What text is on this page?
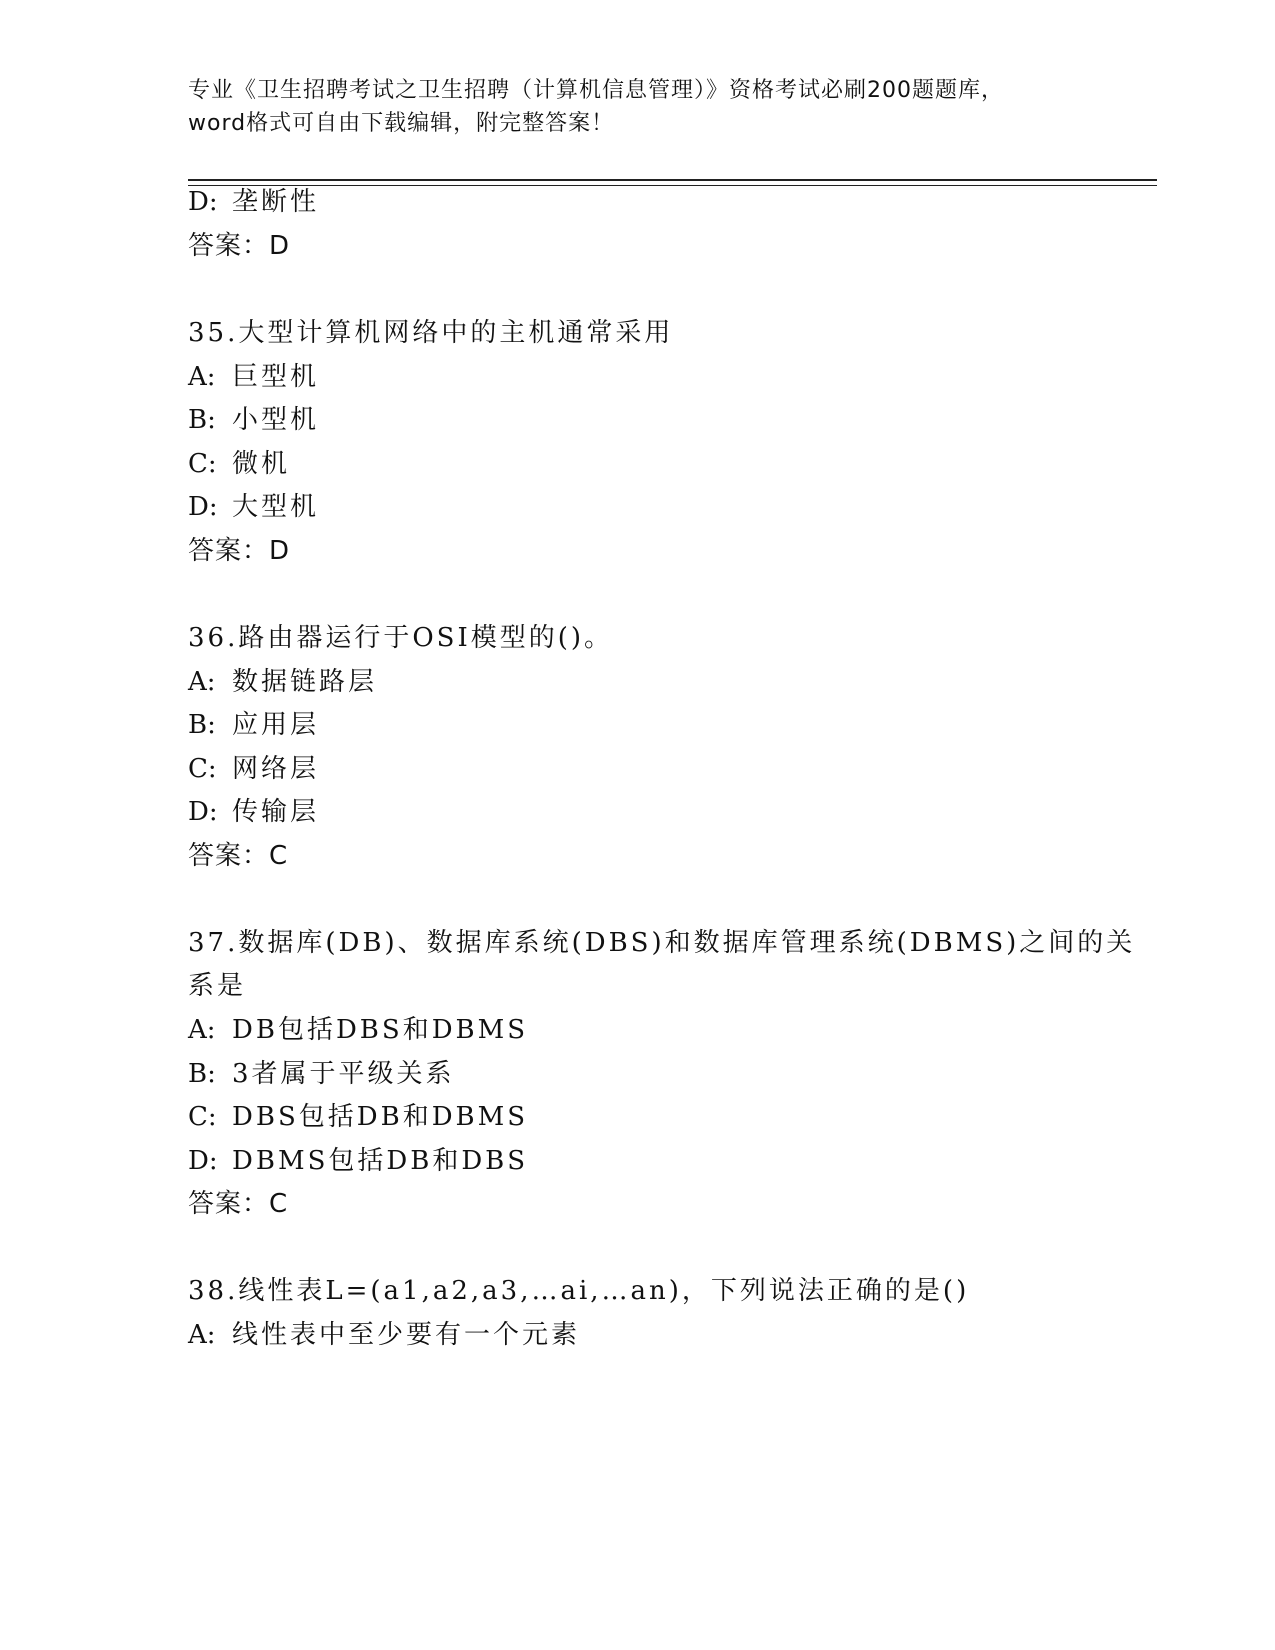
专业《卫生招聘考试之卫生招聘（计算机信息管理）》资格考试必刷200题题库，
word格式可自由下载编辑，附完整答案！
D: 垄断性
答案：D
35.大型计算机网络中的主机通常采用
A: 巨型机
B: 小型机
C: 微机
D: 大型机
答案：D
36.路由器运行于OSI模型的()。
A: 数据链路层
B: 应用层
C: 网络层
D: 传输层
答案：C
37.数据库(DB)、数据库系统(DBS)和数据库管理系统(DBMS)之间的关
系是
A: DB包括DBS和DBMS
B: 3者属于平级关系
C: DBS包括DB和DBMS
D: DBMS包括DB和DBS
答案：C
38.线性表L=(a1,a2,a3,…ai,…an)，下列说法正确的是()
A: 线性表中至少要有一个元素
